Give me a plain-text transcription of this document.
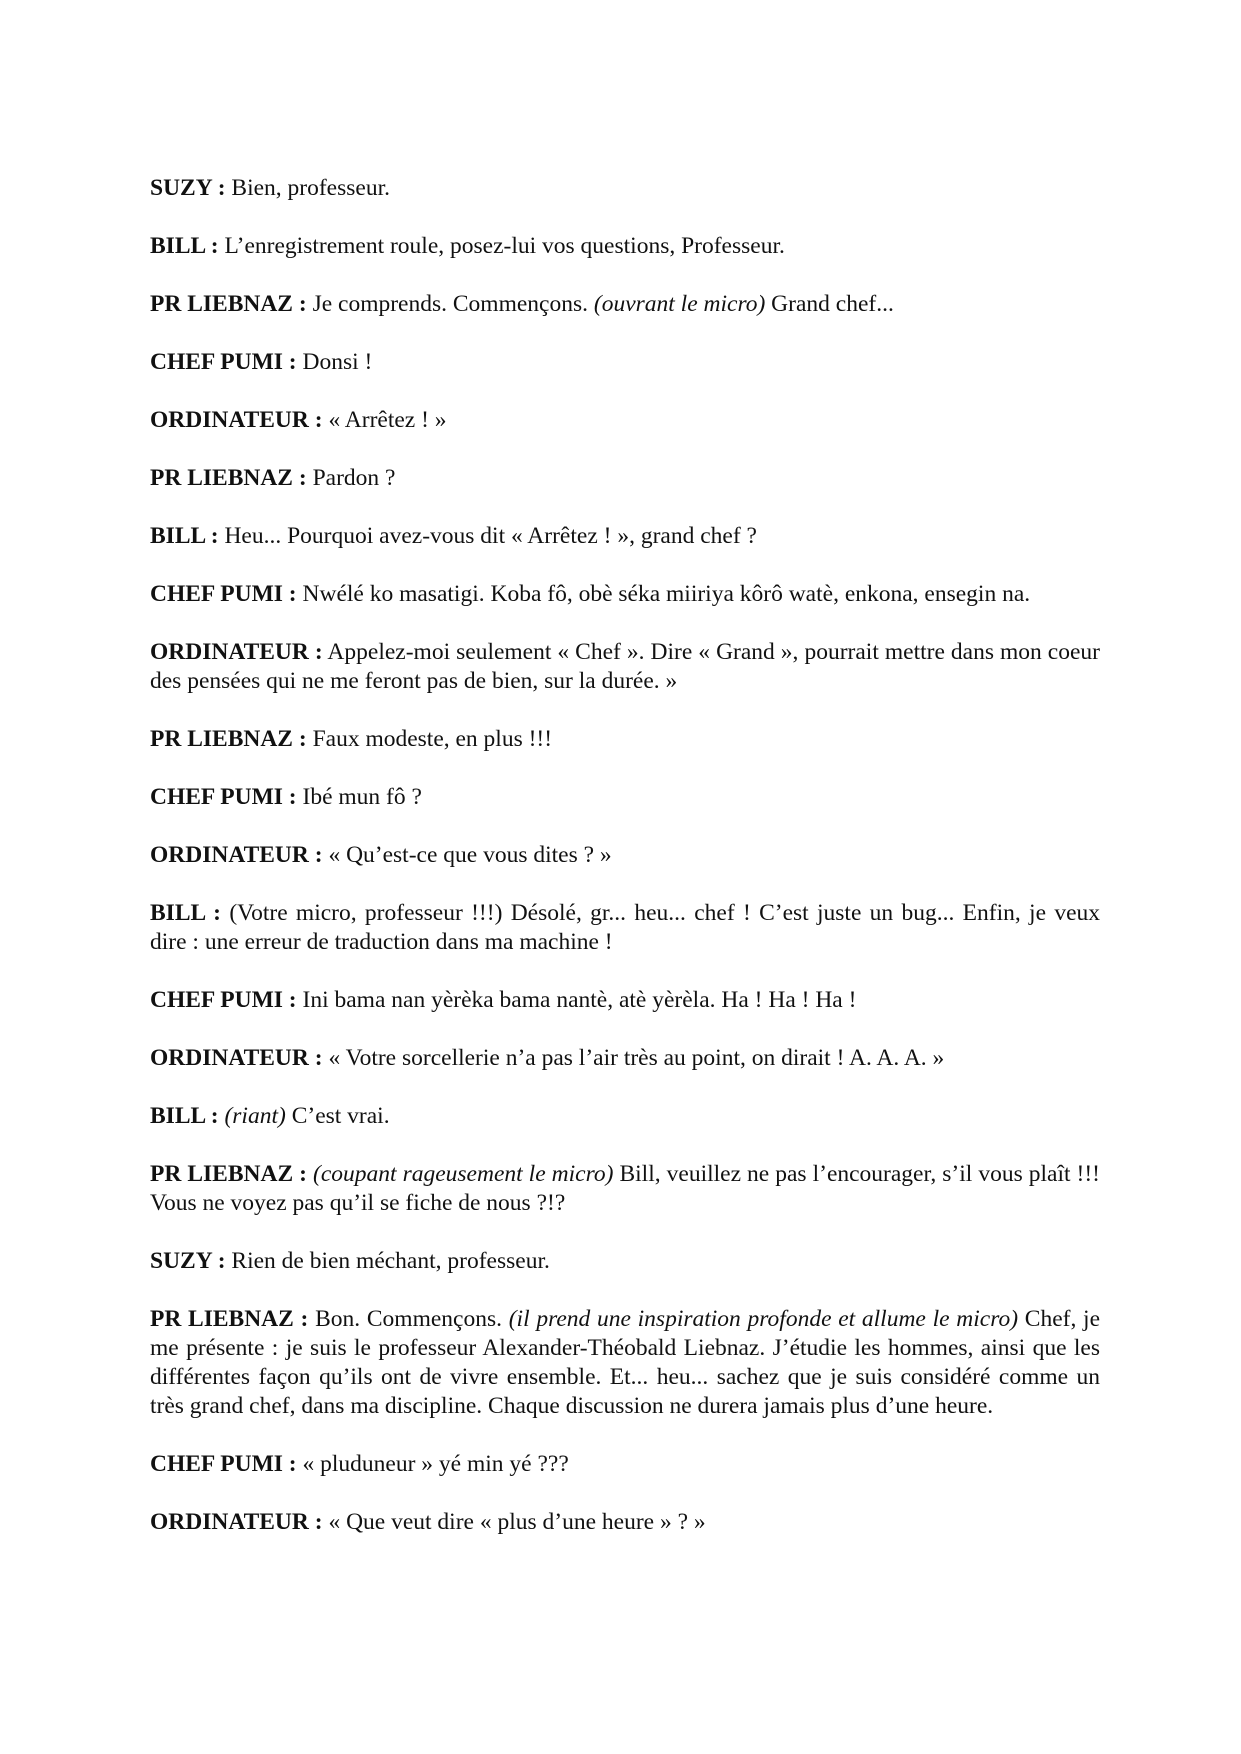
SUZY : Bien, professeur.

BILL : L’enregistrement roule, posez-lui vos questions, Professeur.

PR LIEBNAZ : Je comprends. Commençons. (ouvrant le micro) Grand chef...

CHEF PUMI : Donsi !

ORDINATEUR : « Arrêtez ! »

PR LIEBNAZ : Pardon ?

BILL : Heu... Pourquoi avez-vous dit « Arrêtez ! », grand chef ?

CHEF PUMI : Nwélé ko masatigi. Koba fô, obè séka miiriya kôrô watè, enkona, ensegin na.

ORDINATEUR : Appelez-moi seulement « Chef ». Dire « Grand », pourrait mettre dans mon coeur des pensées qui ne me feront pas de bien, sur la durée. »

PR LIEBNAZ : Faux modeste, en plus !!!

CHEF PUMI : Ibé mun fô ?

ORDINATEUR : « Qu’est-ce que vous dites ? »

BILL : (Votre micro, professeur !!!) Désolé, gr... heu... chef ! C’est juste un bug... Enfin, je veux dire : une erreur de traduction dans ma machine !

CHEF PUMI : Ini bama nan yèrèka bama nantè, atè yèrèla. Ha ! Ha ! Ha !

ORDINATEUR : « Votre sorcellerie n’a pas l’air très au point, on dirait ! A. A. A. »

BILL : (riant) C’est vrai.

PR LIEBNAZ : (coupant rageusement le micro) Bill, veuillez ne pas l’encourager, s’il vous plaît !!! Vous ne voyez pas qu’il se fiche de nous ?!?

SUZY : Rien de bien méchant, professeur.

PR LIEBNAZ : Bon. Commençons. (il prend une inspiration profonde et allume le micro) Chef, je me présente : je suis le professeur Alexander-Théobald Liebnaz. J’étudie les hommes, ainsi que les différentes façon qu’ils ont de vivre ensemble. Et... heu... sachez que je suis considéré comme un très grand chef, dans ma discipline. Chaque discussion ne durera jamais plus d’une heure.

CHEF PUMI : « pluduneur » yé min yé ???

ORDINATEUR : « Que veut dire « plus d’une heure » ? »
